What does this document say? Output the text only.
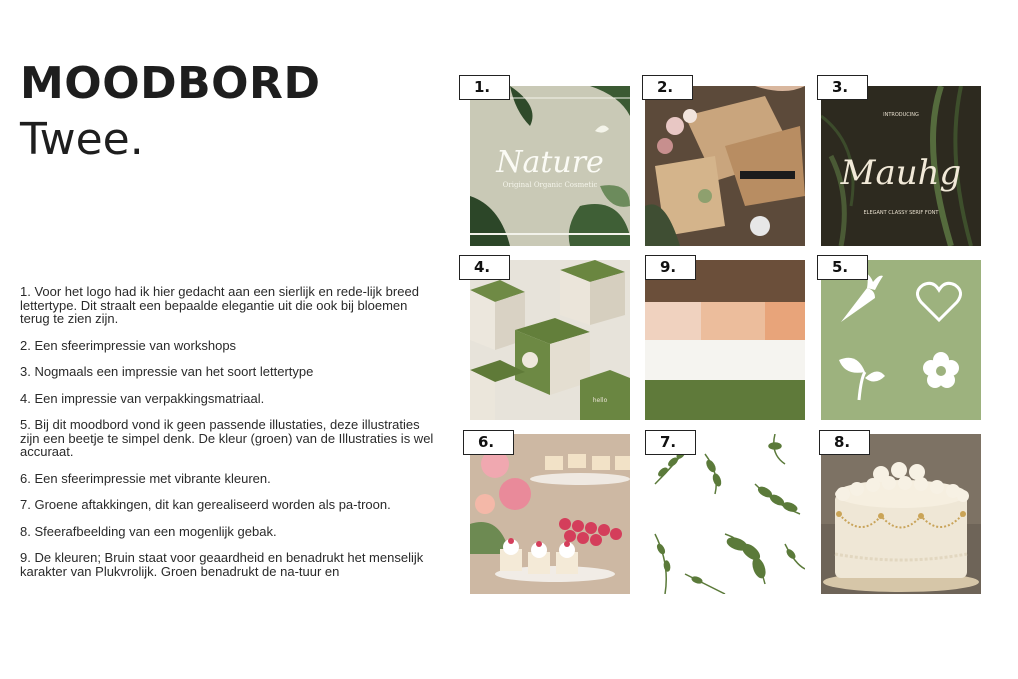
MOODBORD
Twee.

1. Voor het logo had ik hier gedacht aan een sierlijk en rede-lijk breed lettertype. Dit straalt een bepaalde elegantie uit die ook bij bloemen terug te zien zijn.

2. Een sfeerimpressie van workshops

3. Nogmaals een impressie van het soort lettertype

4. Een impressie van verpakkingsmatriaal.

5. Bij dit moodbord vond ik geen passende illustaties, deze illustraties zijn een beetje te simpel denk. De kleur (groen) van de Illustraties is wel accuraat.

6. Een sfeerimpressie met vibrante kleuren.

7. Groene aftakkingen, dit kan gerealiseerd worden als pa-troon.

8. Sfeerafbeelding van een mogenlijk gebak.

9. De kleuren; Bruin staat voor geaardheid en benadrukt het menselijk karakter van Plukvrolijk. Groen benadrukt de na-tuur en

Nature
Original Organic Cosmetic
1.	2.
INTRODUCING
Mauhg
ELEGANT CLASSY SERIF FONT
3.
hello
4.	9.	5.
6.	7.	8.
